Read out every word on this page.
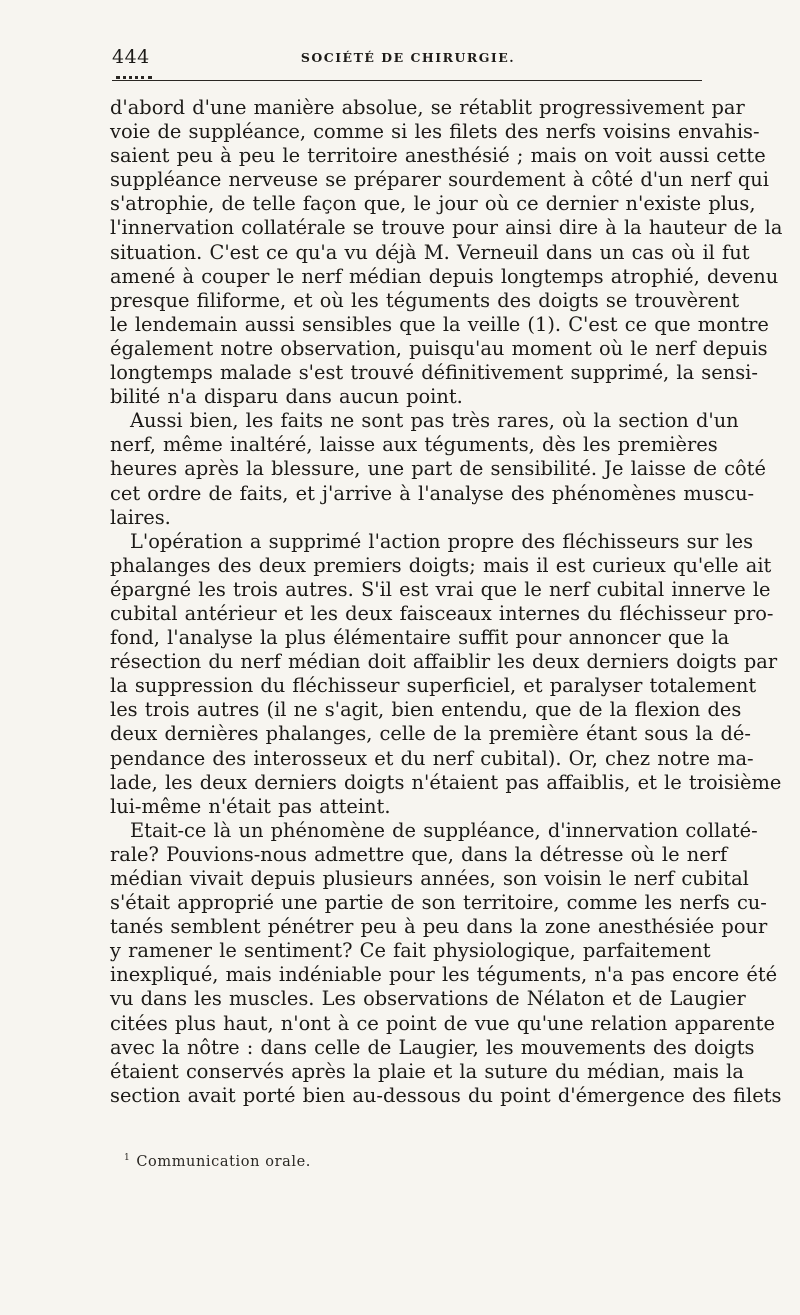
444	SOCIÉTÉ DE CHIRURGIE.
d'abord d'une manière absolue, se rétablit progressivement par
voie de suppléance, comme si les filets des nerfs voisins envahis-
saient peu à peu le territoire anesthésié ; mais on voit aussi cette
suppléance nerveuse se préparer sourdement à côté d'un nerf qui
s'atrophie, de telle façon que, le jour où ce dernier n'existe plus,
l'innervation collatérale se trouve pour ainsi dire à la hauteur de la
situation. C'est ce qu'a vu déjà M. Verneuil dans un cas où il fut
amené à couper le nerf médian depuis longtemps atrophié, devenu
presque filiforme, et où les téguments des doigts se trouvèrent
le lendemain aussi sensibles que la veille (1). C'est ce que montre
également notre observation, puisqu'au moment où le nerf depuis
longtemps malade s'est trouvé définitivement supprimé, la sensi-
bilité n'a disparu dans aucun point.
Aussi bien, les faits ne sont pas très rares, où la section d'un
nerf, même inaltéré, laisse aux téguments, dès les premières
heures après la blessure, une part de sensibilité. Je laisse de côté
cet ordre de faits, et j'arrive à l'analyse des phénomènes muscu-
laires.
L'opération a supprimé l'action propre des fléchisseurs sur les
phalanges des deux premiers doigts; mais il est curieux qu'elle ait
épargné les trois autres. S'il est vrai que le nerf cubital innerve le
cubital antérieur et les deux faisceaux internes du fléchisseur pro-
fond, l'analyse la plus élémentaire suffit pour annoncer que la
résection du nerf médian doit affaiblir les deux derniers doigts par
la suppression du fléchisseur superficiel, et paralyser totalement
les trois autres (il ne s'agit, bien entendu, que de la flexion des
deux dernières phalanges, celle de la première étant sous la dé-
pendance des interosseux et du nerf cubital). Or, chez notre ma-
lade, les deux derniers doigts n'étaient pas affaiblis, et le troisième
lui-même n'était pas atteint.
Etait-ce là un phénomène de suppléance, d'innervation collaté-
rale? Pouvions-nous admettre que, dans la détresse où le nerf
médian vivait depuis plusieurs années, son voisin le nerf cubital
s'était approprié une partie de son territoire, comme les nerfs cu-
tanés semblent pénétrer peu à peu dans la zone anesthésiée pour
y ramener le sentiment? Ce fait physiologique, parfaitement
inexpliqué, mais indéniable pour les téguments, n'a pas encore été
vu dans les muscles. Les observations de Nélaton et de Laugier
citées plus haut, n'ont à ce point de vue qu'une relation apparente
avec la nôtre : dans celle de Laugier, les mouvements des doigts
étaient conservés après la plaie et la suture du médian, mais la
section avait porté bien au-dessous du point d'émergence des filets
$^1$ Communication orale.
